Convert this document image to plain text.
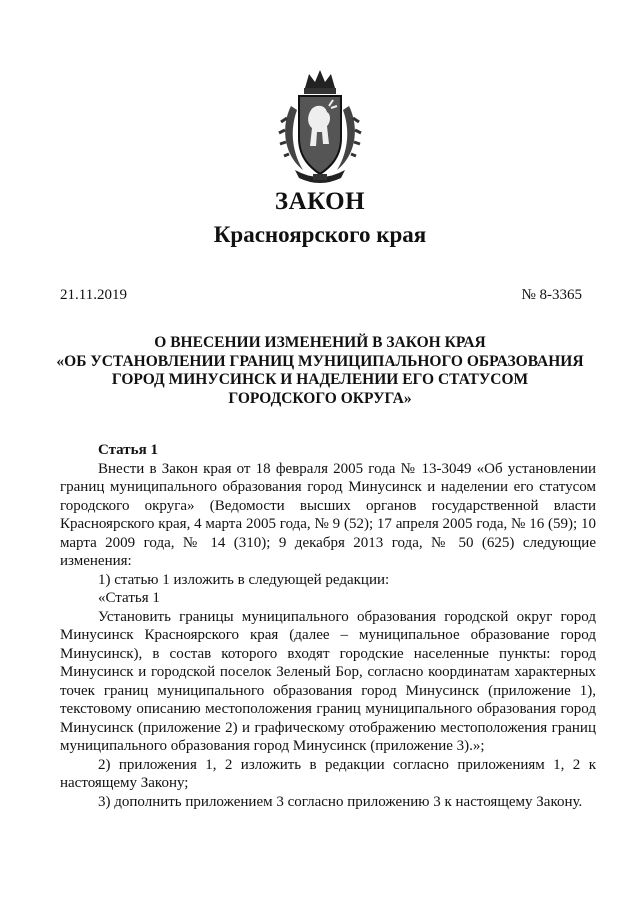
ЗАКОН
Красноярского края
21.11.2019	№ 8-3365
О ВНЕСЕНИИ ИЗМЕНЕНИЙ В ЗАКОН КРАЯ
«ОБ УСТАНОВЛЕНИИ ГРАНИЦ МУНИЦИПАЛЬНОГО ОБРАЗОВАНИЯ
ГОРОД МИНУСИНСК И НАДЕЛЕНИИ ЕГО СТАТУСОМ
ГОРОДСКОГО ОКРУГА»

Статья 1

Внести в Закон края от 18 февраля 2005 года № 13-3049 «Об установлении границ муниципального образования город Минусинск и наделении его статусом городского округа» (Ведомости высших органов государственной власти Красноярского края, 4 марта 2005 года, № 9 (52); 17 апреля 2005 года, № 16 (59); 10 марта 2009 года, № 14 (310); 9 декабря 2013 года, № 50 (625) следующие изменения:

1) статью 1 изложить в следующей редакции:

«Статья 1

Установить границы муниципального образования городской округ город Минусинск Красноярского края (далее – муниципальное образование город Минусинск), в состав которого входят городские населенные пункты: город Минусинск и городской поселок Зеленый Бор, согласно координатам характерных точек границ муниципального образования город Минусинск (приложение 1), текстовому описанию местоположения границ муниципального образования город Минусинск (приложение 2) и графическому отображению местоположения границ муниципального образования город Минусинск (приложение 3).»;

2) приложения 1, 2 изложить в редакции согласно приложениям 1, 2 к настоящему Закону;

3) дополнить приложением 3 согласно приложению 3 к настоящему Закону.
